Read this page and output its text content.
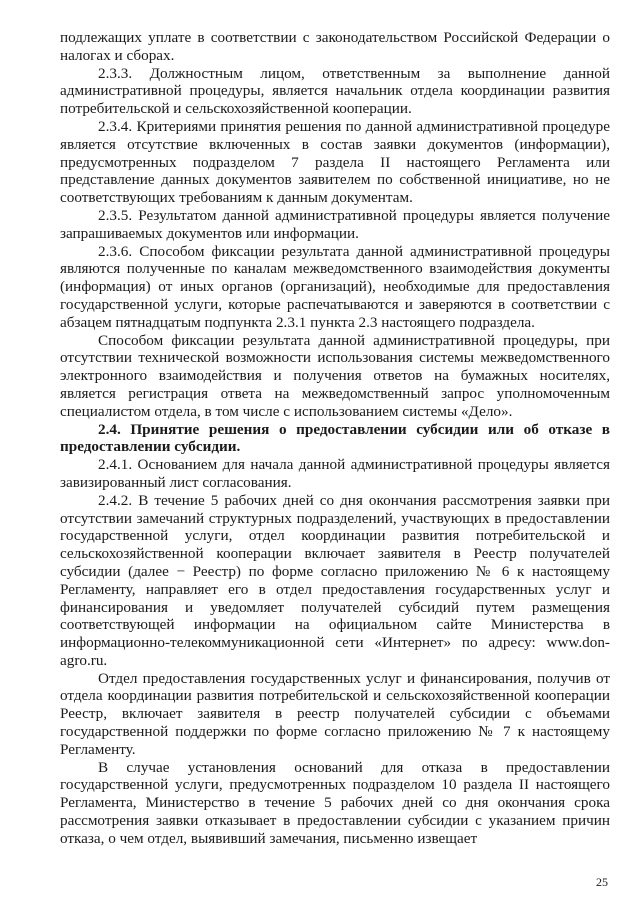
подлежащих уплате в соответствии с законодательством Российской Федерации о налогах и сборах.

2.3.3. Должностным лицом, ответственным за выполнение данной административной процедуры, является начальник отдела координации развития потребительской и сельскохозяйственной кооперации.

2.3.4. Критериями принятия решения по данной административной процедуре является отсутствие включенных в состав заявки документов (информации), предусмотренных подразделом 7 раздела II настоящего Регламента или представление данных документов заявителем по собственной инициативе, но не соответствующих требованиям к данным документам.

2.3.5. Результатом данной административной процедуры является получение запрашиваемых документов или информации.

2.3.6. Способом фиксации результата данной административной процедуры являются полученные по каналам межведомственного взаимодействия документы (информация) от иных органов (организаций), необходимые для предоставления государственной услуги, которые распечатываются и заверяются в соответствии с абзацем пятнадцатым подпункта 2.3.1 пункта 2.3 настоящего подраздела.

Способом фиксации результата данной административной процедуры, при отсутствии технической возможности использования системы межведомственного электронного взаимодействия и получения ответов на бумажных носителях, является регистрация ответа на межведомственный запрос уполномоченным специалистом отдела, в том числе с использованием системы «Дело».

2.4. Принятие решения о предоставлении субсидии или об отказе в предоставлении субсидии.

2.4.1. Основанием для начала данной административной процедуры является завизированный лист согласования.

2.4.2. В течение 5 рабочих дней со дня окончания рассмотрения заявки при отсутствии замечаний структурных подразделений, участвующих в предоставлении государственной услуги, отдел координации развития потребительской и сельскохозяйственной кооперации включает заявителя в Реестр получателей субсидии (далее − Реестр) по форме согласно приложению № 6 к настоящему Регламенту, направляет его в отдел предоставления государственных услуг и финансирования и уведомляет получателей субсидий путем размещения соответствующей информации на официальном сайте Министерства в информационно-телекоммуникационной сети «Интернет» по адресу: www.don-agro.ru.

Отдел предоставления государственных услуг и финансирования, получив от отдела координации развития потребительской и сельскохозяйственной кооперации Реестр, включает заявителя в реестр получателей субсидии с объемами государственной поддержки по форме согласно приложению № 7 к настоящему Регламенту.

В случае установления оснований для отказа в предоставлении государственной услуги, предусмотренных подразделом 10 раздела II настоящего Регламента, Министерство в течение 5 рабочих дней со дня окончания срока рассмотрения заявки отказывает в предоставлении субсидии с указанием причин отказа, о чем отдел, выявивший замечания, письменно извещает

25
